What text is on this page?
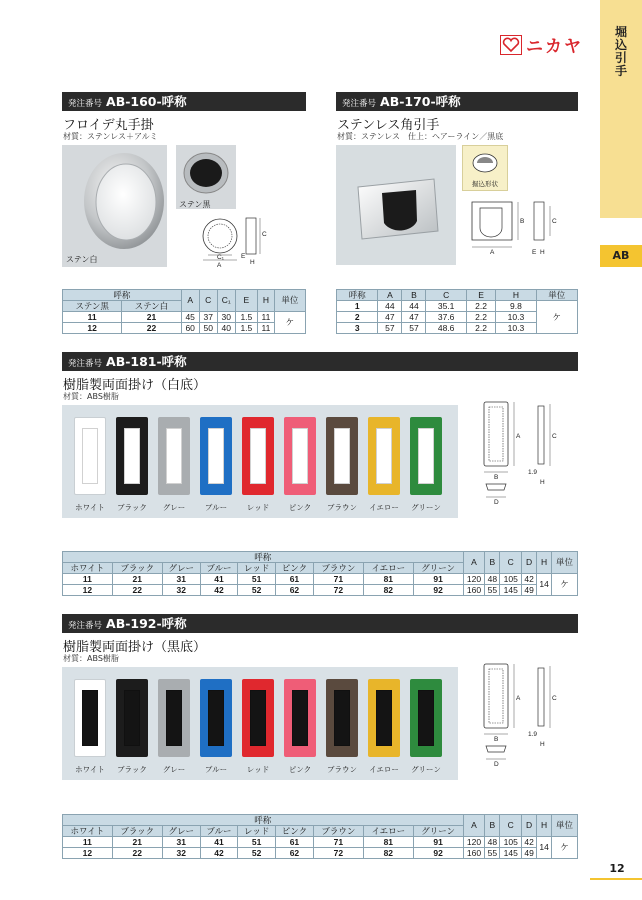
堀込引手
AB
ニカヤ
発注番号 AB-160-呼称
フロイデ丸手掛
材質：ステンレス＋アルミ
ステン白
ステン黒
C
A
C₁	E
H
呼称		A	C	C₁	E	H	単位
ステン黒	ステン白						
11	21	45	37	30	1.5	11	ケ
12	22	60	50	40	1.5	11	
発注番号 AB-170-呼称
ステンレス角引手
材質：ステンレス　仕上：ヘアーライン／黒底
掘込形状
A
B	C
E H
呼称	A	B	C	E	H	単位
1	44	44	35.1	2.2	9.8	ケ
2	47	47	37.6	2.2	10.3	
3	57	57	48.6	2.2	10.3	
発注番号 AB-181-呼称
樹脂製両面掛け（白底）
材質：ABS樹脂
ホワイト	ブラック	グレー	ブルー	レッド	ピンク	ブラウン	イエロー	グリーン
A
B
C
D
H
1.9
呼称									A	B	C	D	H	単位
ホワイト	ブラック	グレー	ブルー	レッド	ピンク	ブラウン	イエロー	グリーン						
11	21	31	41	51	61	71	81	91	120	48	105	42	14	ケ
12	22	32	42	52	62	72	82	92	160	55	145	49		
発注番号 AB-192-呼称
樹脂製両面掛け（黒底）
材質：ABS樹脂
ホワイト	ブラック	グレー	ブルー	レッド	ピンク	ブラウン	イエロー	グリーン
A
B
C
D
H
1.9
呼称									A	B	C	D	H	単位
ホワイト	ブラック	グレー	ブルー	レッド	ピンク	ブラウン	イエロー	グリーン						
11	21	31	41	51	61	71	81	91	120	48	105	42	14	ケ
12	22	32	42	52	62	72	82	92	160	55	145	49		
12
